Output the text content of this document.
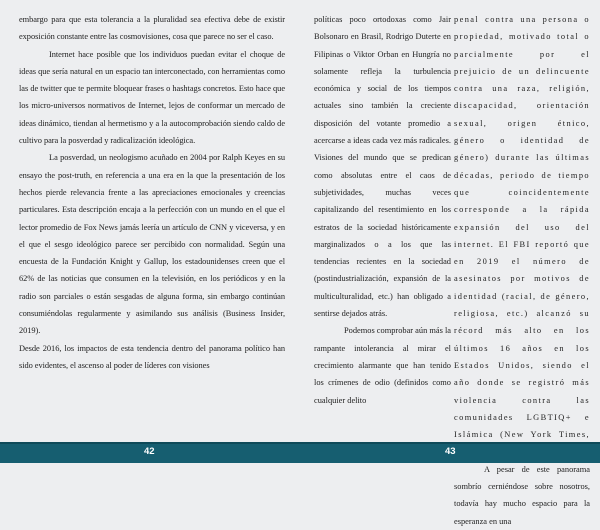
embargo para que esta tolerancia a la pluralidad sea efectiva debe de existir exposición constante entre las cosmovisiones, cosa que parece no ser el caso.

Internet hace posible que los individuos puedan evitar el choque de ideas que sería natural en un espacio tan interconectado, con herramientas como las de twitter que te permite bloquear frases o hashtags concretos. Esto hace que los micro-universos normativos de Internet, lejos de conformar un mercado de ideas dinámico, tiendan al hermetismo y a la autocomprobación siendo caldo de cultivo para la posverdad y radicalización ideológica.

La posverdad, un neologismo acuñado en 2004 por Ralph Keyes en su ensayo the post-truth, en referencia a una era en la que la presentación de los hechos pierde relevancia frente a las apreciaciones emocionales y creencias particulares. Esta descripción encaja a la perfección con un mundo en el que el lector promedio de Fox News jamás leería un artículo de CNN y viceversa, y en el que el sesgo ideológico parece ser percibido con normalidad. Según una encuesta de la Fundación Knight y Gallup, los estadounidenses creen que el 62% de las noticias que consumen en la televisión, en los periódicos y en la radio son parciales o están sesgadas de alguna forma, sin embargo continúan consumiéndolas regularmente y asimilando sus análisis (Business Insider, 2019).

Desde 2016, los impactos de esta tendencia dentro del panorama político han sido evidentes, el ascenso al poder de líderes con visiones

políticas poco ortodoxas como Jair Bolsonaro en Brasil, Rodrigo Duterte en Filipinas o Viktor Orban en Hungría no solamente refleja la turbulencia económica y social de los tiempos actuales sino también la creciente disposición del votante promedio a acercarse a ideas cada vez más radicales. Visiones del mundo que se predican como absolutas entre el caos de subjetividades, muchas veces capitalizando del resentimiento en los estratos de la sociedad históricamente marginalizados o a los que las tendencias recientes en la sociedad (postindustrialización, expansión de la multiculturalidad, etc.) han obligado a sentirse dejados atrás.

Podemos comprobar aún más la rampante intolerancia al mirar el crecimiento alarmante que han tenido los crímenes de odio (definidos como cualquier delito

penal contra una persona o propiedad, motivado total o parcialmente por el prejuicio de un delincuente contra una raza, religión, discapacidad, orientación sexual, origen étnico, género o identidad de género) durante las últimas décadas, periodo de tiempo que coincidentemente corresponde a la rápida expansión del uso del internet. El FBI reportó que en 2019 el número de asesinatos por motivos de identidad (racial, de género, religiosa, etc.) alcanzó su récord más alto en los últimos 16 años en los Estados Unidos, siendo el año donde se registró más violencia contra las comunidades LGBTIQ+ e Islámica (New York Times,

A pesar de este panorama sombrío cerniéndose sobre nosotros, todavía hay mucho espacio para la esperanza en una

42	43
